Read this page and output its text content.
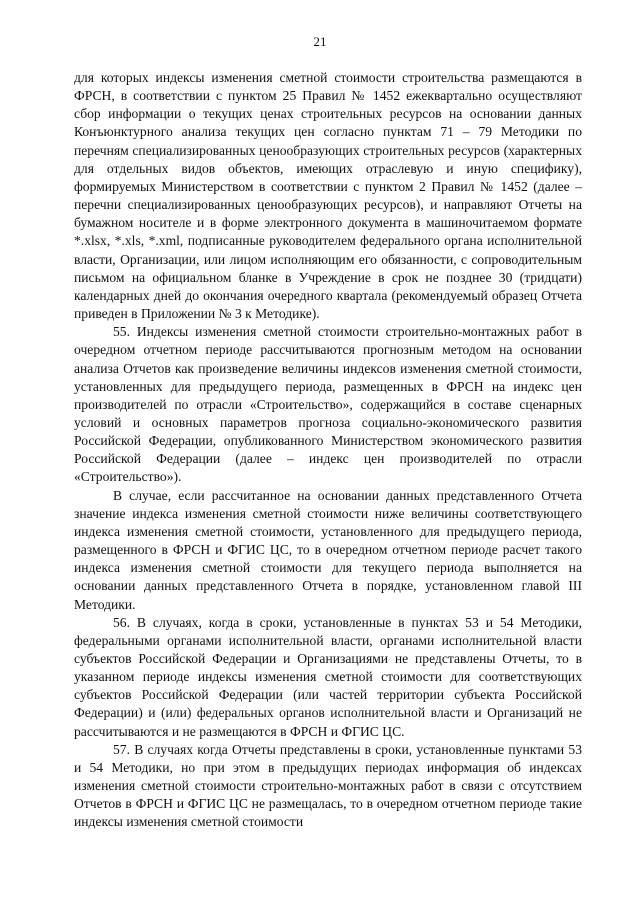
21

для которых индексы изменения сметной стоимости строительства размещаются в ФРСН, в соответствии с пунктом 25 Правил № 1452 ежеквартально осуществляют сбор информации о текущих ценах строительных ресурсов на основании данных Конъюнктурного анализа текущих цен согласно пунктам 71 – 79 Методики по перечням специализированных ценообразующих строительных ресурсов (характерных для отдельных видов объектов, имеющих отраслевую и иную специфику), формируемых Министерством в соответствии с пунктом 2 Правил № 1452 (далее – перечни специализированных ценообразующих ресурсов), и направляют Отчеты на бумажном носителе и в форме электронного документа в машиночитаемом формате *.xlsx, *.xls, *.xml, подписанные руководителем федерального органа исполнительной власти, Организации, или лицом исполняющим его обязанности, с сопроводительным письмом на официальном бланке в Учреждение в срок не позднее 30 (тридцати) календарных дней до окончания очередного квартала (рекомендуемый образец Отчета приведен в Приложении № 3 к Методике).

55. Индексы изменения сметной стоимости строительно-монтажных работ в очередном отчетном периоде рассчитываются прогнозным методом на основании анализа Отчетов как произведение величины индексов изменения сметной стоимости, установленных для предыдущего периода, размещенных в ФРСН на индекс цен производителей по отрасли «Строительство», содержащийся в составе сценарных условий и основных параметров прогноза социально-экономического развития Российской Федерации, опубликованного Министерством экономического развития Российской Федерации (далее – индекс цен производителей по отрасли «Строительство»).

В случае, если рассчитанное на основании данных представленного Отчета значение индекса изменения сметной стоимости ниже величины соответствующего индекса изменения сметной стоимости, установленного для предыдущего периода, размещенного в ФРСН и ФГИС ЦС, то в очередном отчетном периоде расчет такого индекса изменения сметной стоимости для текущего периода выполняется на основании данных представленного Отчета в порядке, установленном главой III Методики.

56. В случаях, когда в сроки, установленные в пунктах 53 и 54 Методики, федеральными органами исполнительной власти, органами исполнительной власти субъектов Российской Федерации и Организациями не представлены Отчеты, то в указанном периоде индексы изменения сметной стоимости для соответствующих субъектов Российской Федерации (или частей территории субъекта Российской Федерации) и (или) федеральных органов исполнительной власти и Организаций не рассчитываются и не размещаются в ФРСН и ФГИС ЦС.

57. В случаях когда Отчеты представлены в сроки, установленные пунктами 53 и 54 Методики, но при этом в предыдущих периодах информация об индексах изменения сметной стоимости строительно-монтажных работ в связи с отсутствием Отчетов в ФРСН и ФГИС ЦС не размещалась, то в очередном отчетном периоде такие индексы изменения сметной стоимости
